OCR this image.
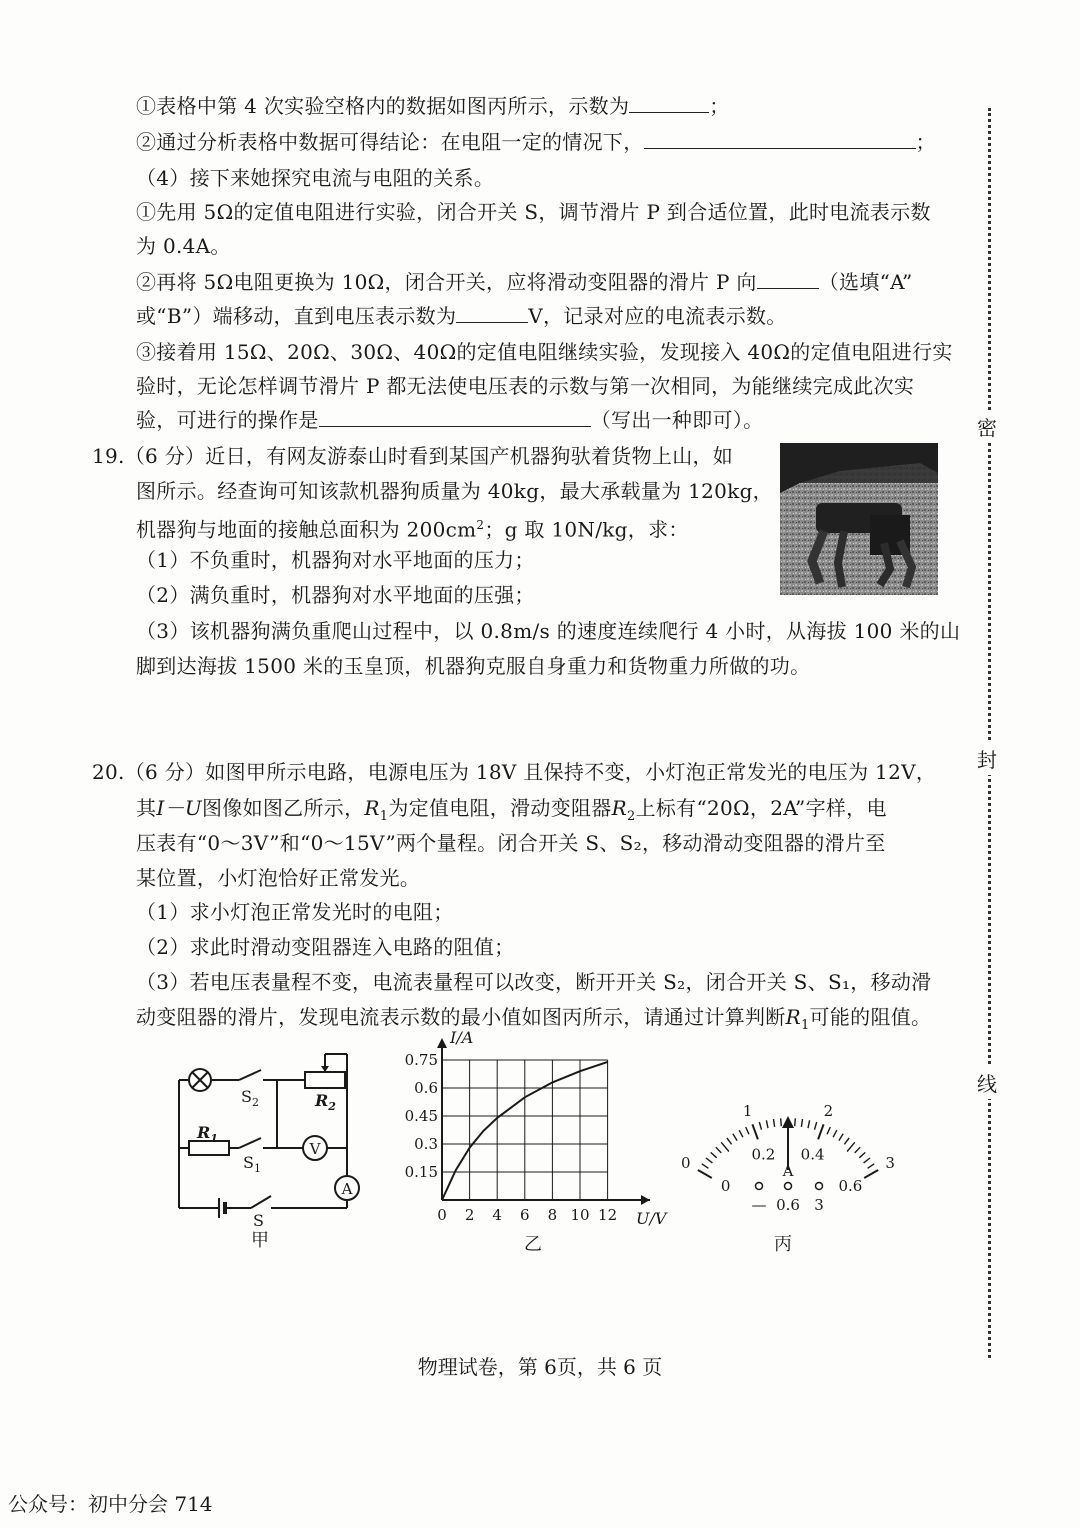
①表格中第 4 次实验空格内的数据如图丙所示，示数为	；
②通过分析表格中数据可得结论：在电阻一定的情况下，	；
（4）接下来她探究电流与电阻的关系。
①先用 5Ω的定值电阻进行实验，闭合开关 S，调节滑片 P 到合适位置，此时电流表示数
为 0.4A。
②再将 5Ω电阻更换为 10Ω，闭合开关，应将滑动变阻器的滑片 P 向	（选填“A”
或“B”）端移动，直到电压表示数为	V，记录对应的电流表示数。
③接着用 15Ω、20Ω、30Ω、40Ω的定值电阻继续实验，发现接入 40Ω的定值电阻进行实
验时，无论怎样调节滑片 P 都无法使电压表的示数与第一次相同，为能继续完成此次实
验，可进行的操作是	（写出一种即可）。
19.（6 分）近日，有网友游泰山时看到某国产机器狗驮着货物上山，如
图所示。经查询可知该款机器狗质量为 40kg，最大承载量为 120kg，
机器狗与地面的接触总面积为 $200cm^2$；g 取 10N/kg，求：
（1）不负重时，机器狗对水平地面的压力；
（2）满负重时，机器狗对水平地面的压强；
（3）该机器狗满负重爬山过程中，以 0.8m/s 的速度连续爬行 4 小时，从海拔 100 米的山
脚到达海拔 1500 米的玉皇顶，机器狗克服自身重力和货物重力所做的功。
20.（6 分）如图甲所示电路，电源电压为 18V 且保持不变，小灯泡正常发光的电压为 12V，
其I－U图像如图乙所示，$R_1$为定值电阻，滑动变阻器$R_2$上标有“20Ω，2A”字样，电
压表有“0～3V”和“0～15V”两个量程。闭合开关 S、S₂，移动滑动变阻器的滑片至
某位置，小灯泡恰好正常发光。
（1）求小灯泡正常发光时的电阻；
（2）求此时滑动变阻器连入电路的阻值；
（3）若电压表量程不变，电流表量程可以改变，断开开关 S₂，闭合开关 S、S₁，移动滑
动变阻器的滑片，发现电流表示数的最小值如图丙所示，请通过计算判断$R_1$可能的阻值。
V
A
$S_2$	$R_2$
$R_1$
$S_1$
S
甲
0.75
0.6
0.45
0.3
0.15
0 2 4 6 8 10 12
I/A
U/V
乙
0
1	2
3
0
0.2 0.4
0.6
A
— 0.6 3
丙
密
封
线
物理试卷，第 6页，共 6 页
公众号：初中分会 714
